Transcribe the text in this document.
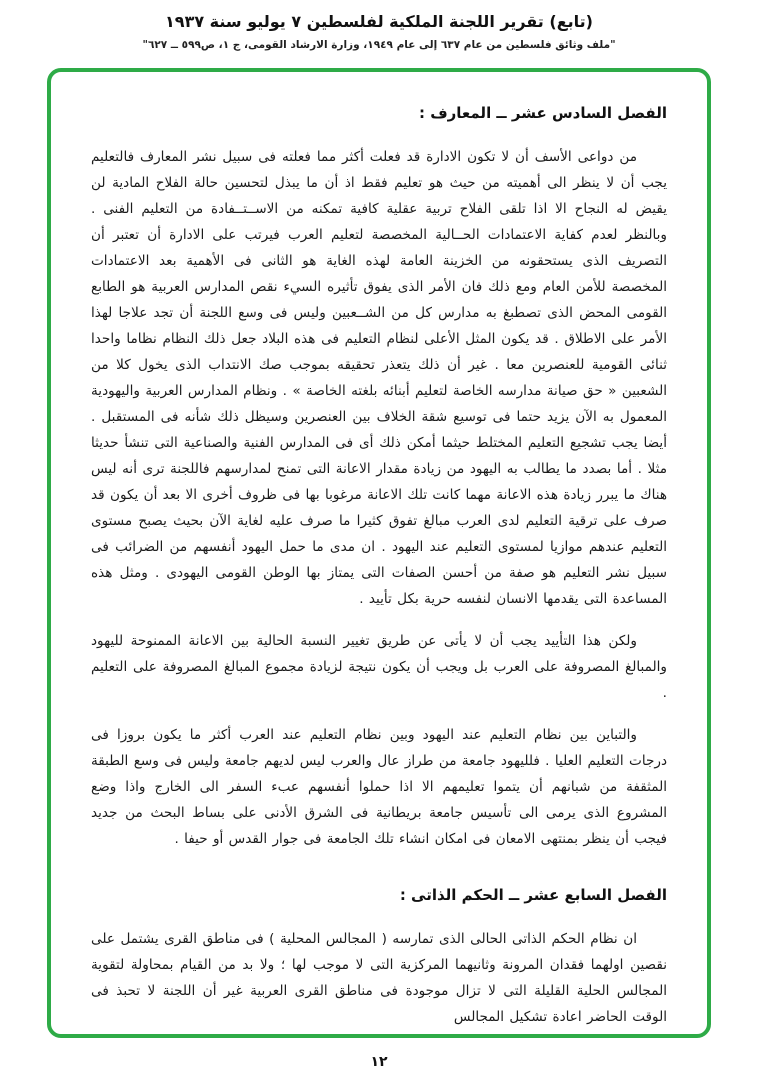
(تابع) تقرير اللجنة الملكية لفلسطين ٧ يوليو سنة ١٩٣٧
"ملف وثائق فلسطين من عام ٦٣٧ إلى عام ١٩٤٩، وزارة الارشاد القومى، ج ١، ص٥٩٩ ــ ٦٢٧"
الفصل السادس عشر ــ المعارف :

من دواعى الأسف أن لا تكون الادارة قد فعلت أكثر مما فعلته فى سبيل نشر المعارف فالتعليم يجب أن لا ينظر الى أهميته من حيث هو تعليم فقط اذ أن ما يبذل لتحسين حالة الفلاح المادية لن يقيض له النجاح الا اذا تلقى الفلاح تربية عقلية كافية تمكنه من الاســتــفادة من التعليم الفنى . وبالنظر لعدم كفاية الاعتمادات الحــالية المخصصة لتعليم العرب فيرتب على الادارة أن تعتبر أن التصريف الذى يستحقونه من الخزينة العامة لهذه الغاية هو الثانى فى الأهمية بعد الاعتمادات المخصصة للأمن العام ومع ذلك فان الأمر الذى يفوق تأثيره السيء نقص المدارس العربية هو الطابع القومى المحض الذى تصطبغ به مدارس كل من الشــعبين وليس فى وسع اللجنة أن تجد علاجا لهذا الأمر على الاطلاق . قد يكون المثل الأعلى لنظام التعليم فى هذه البلاد جعل ذلك النظام نظاما واحدا ثنائى القومية للعنصرين معا . غير أن ذلك يتعذر تحقيقه بموجب صك الانتداب الذى يخول كلا من الشعبين « حق صيانة مدارسه الخاصة لتعليم أبنائه بلغته الخاصة » . ونظام المدارس العربية واليهودية المعمول به الآن يزيد حتما فى توسيع شقة الخلاف بين العنصرين وسيظل ذلك شأنه فى المستقبل . أيضا يجب تشجيع التعليم المختلط حيثما أمكن ذلك أى فى المدارس الفنية والصناعية التى تنشأ حديثا مثلا . أما بصدد ما يطالب به اليهود من زيادة مقدار الاعانة التى تمنح لمدارسهم فاللجنة ترى أنه ليس هناك ما يبرر زيادة هذه الاعانة مهما كانت تلك الاعانة مرغوبا بها فى ظروف أخرى الا بعد أن يكون قد صرف على ترقية التعليم لدى العرب مبالغ تفوق كثيرا ما صرف عليه لغاية الآن بحيث يصبح مستوى التعليم عندهم موازيا لمستوى التعليم عند اليهود . ان مدى ما حمل اليهود أنفسهم من الضرائب فى سبيل نشر التعليم هو صفة من أحسن الصفات التى يمتاز بها الوطن القومى اليهودى . ومثل هذه المساعدة التى يقدمها الانسان لنفسه حرية بكل تأييد .

ولكن هذا التأييد يجب أن لا يأتى عن طريق تغيير النسبة الحالية بين الاعانة الممنوحة لليهود والمبالغ المصروفة على العرب بل ويجب أن يكون نتيجة لزيادة مجموع المبالغ المصروفة على التعليم .

والتباين بين نظام التعليم عند اليهود وبين نظام التعليم عند العرب أكثر ما يكون بروزا فى درجات التعليم العليا . فلليهود جامعة من طراز عال والعرب ليس لديهم جامعة وليس فى وسع الطبقة المثقفة من شبانهم أن يتموا تعليمهم الا اذا حملوا أنفسهم عبء السفر الى الخارج واذا وضع المشروع الذى يرمى الى تأسيس جامعة بريطانية فى الشرق الأدنى على بساط البحث من جديد فيجب أن ينظر بمنتهى الامعان فى امكان انشاء تلك الجامعة فى جوار القدس أو حيفا .

الفصل السابع عشر ــ الحكم الذاتى :

ان نظام الحكم الذاتى الحالى الذى تمارسه ( المجالس المحلية ) فى مناطق القرى يشتمل على نقصين اولهما فقدان المرونة وثانيهما المركزية التى لا موجب لها ؛ ولا بد من القيام بمحاولة لتقوية المجالس الحلية القليلة التى لا تزال موجودة فى مناطق القرى العربية غير أن اللجنة لا تحبذ فى الوقت الحاضر اعادة تشكيل المجالس

١٢
